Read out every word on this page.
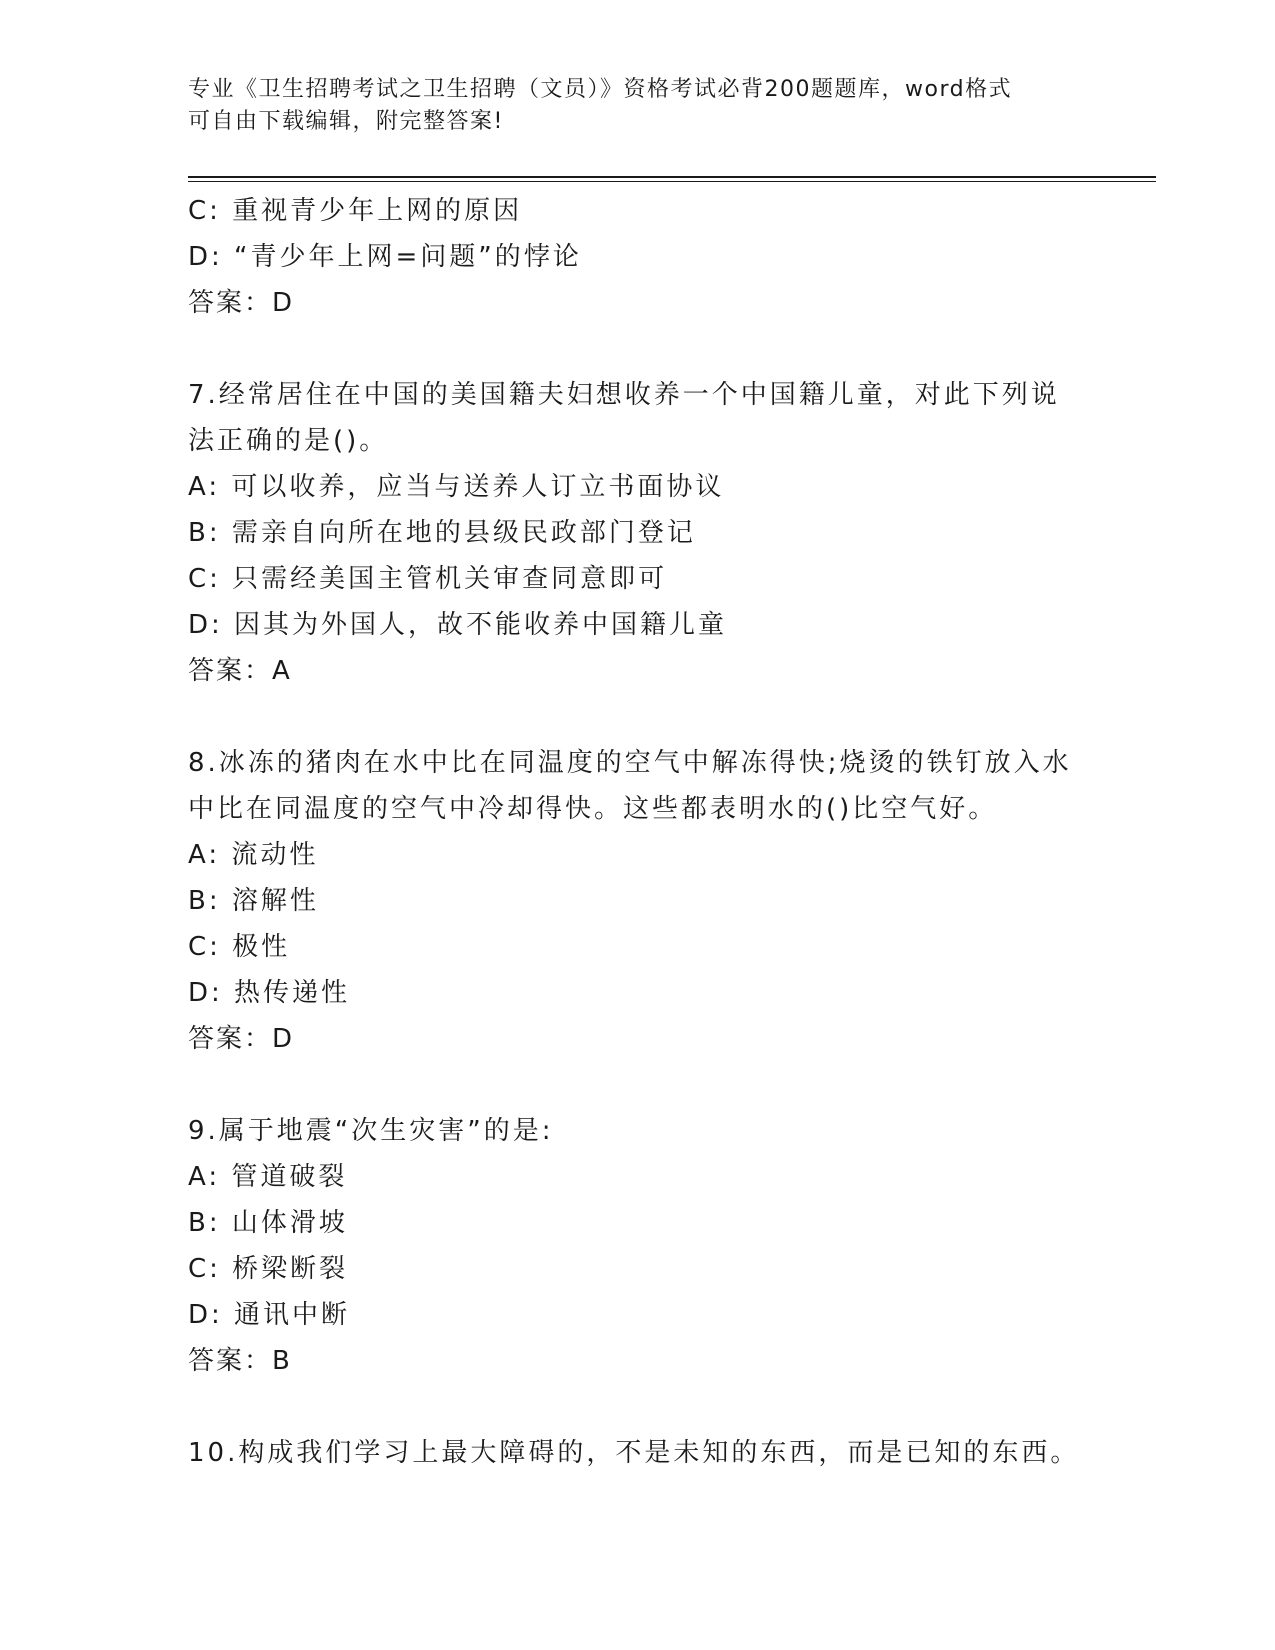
专业《卫生招聘考试之卫生招聘（文员）》资格考试必背200题题库，word格式
可自由下载编辑，附完整答案!
C: 重视青少年上网的原因
D: “青少年上网=问题”的悖论
答案：D
7.经常居住在中国的美国籍夫妇想收养一个中国籍儿童，对此下列说
法正确的是()。
A: 可以收养，应当与送养人订立书面协议
B: 需亲自向所在地的县级民政部门登记
C: 只需经美国主管机关审查同意即可
D: 因其为外国人，故不能收养中国籍儿童
答案：A
8.冰冻的猪肉在水中比在同温度的空气中解冻得快;烧烫的铁钉放入水
中比在同温度的空气中冷却得快。这些都表明水的()比空气好。
A: 流动性
B: 溶解性
C: 极性
D: 热传递性
答案：D
9.属于地震“次生灾害”的是:
A: 管道破裂
B: 山体滑坡
C: 桥梁断裂
D: 通讯中断
答案：B
10.构成我们学习上最大障碍的，不是未知的东西，而是已知的东西。
